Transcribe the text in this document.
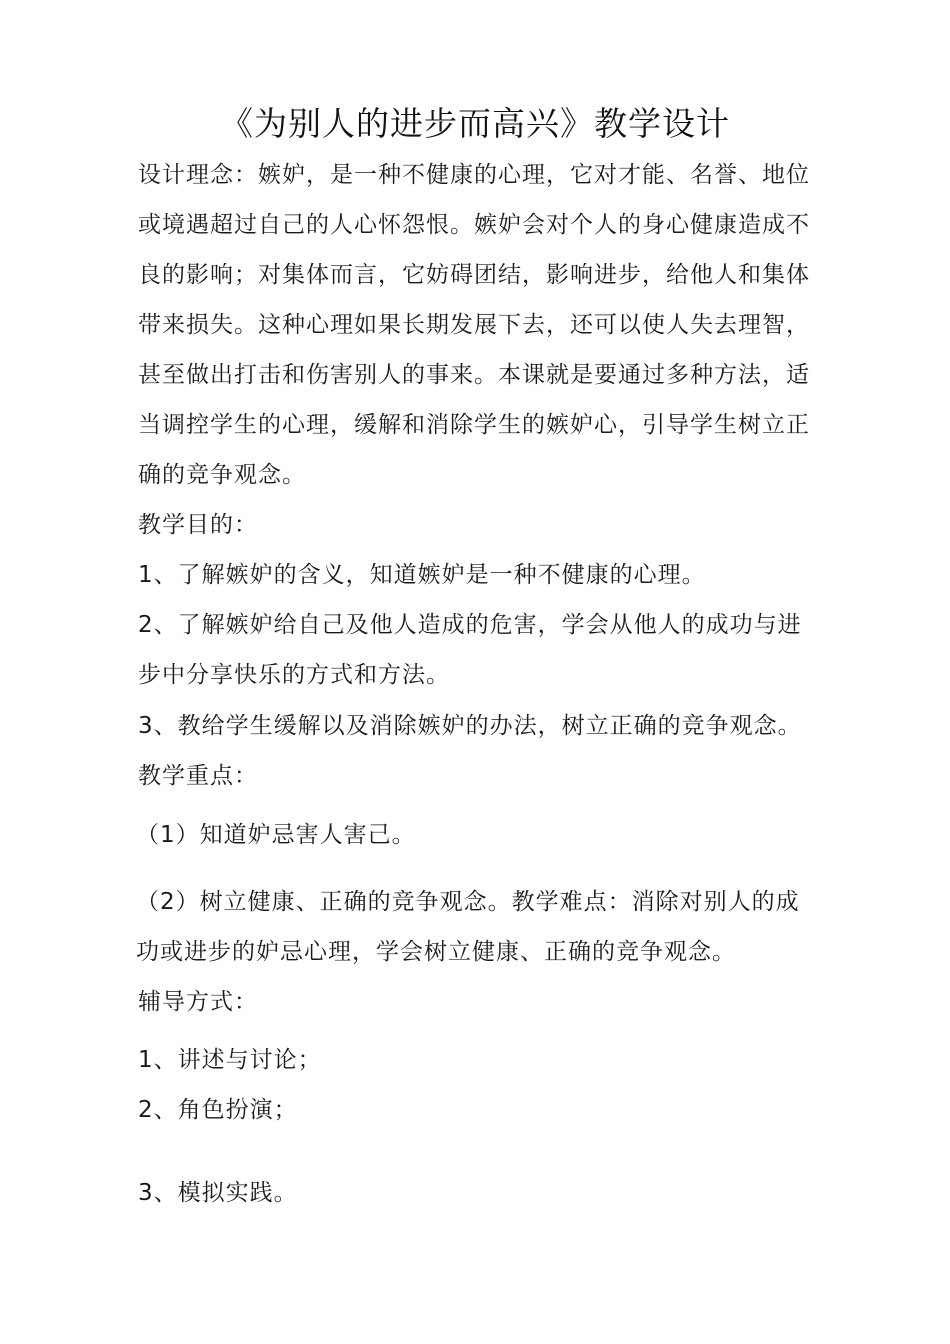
《为别人的进步而高兴》教学设计
设计理念：嫉妒，是一种不健康的心理，它对才能、名誉、地位或境遇超过自己的人心怀怨恨。嫉妒会对个人的身心健康造成不良的影响；对集体而言，它妨碍团结，影响进步，给他人和集体带来损失。这种心理如果长期发展下去，还可以使人失去理智，甚至做出打击和伤害别人的事来。本课就是要通过多种方法，适当调控学生的心理，缓解和消除学生的嫉妒心，引导学生树立正确的竞争观念。
教学目的：
1、了解嫉妒的含义，知道嫉妒是一种不健康的心理。
2、了解嫉妒给自己及他人造成的危害，学会从他人的成功与进步中分享快乐的方式和方法。
3、教给学生缓解以及消除嫉妒的办法，树立正确的竞争观念。
教学重点：
（1）知道妒忌害人害己。
（2）树立健康、正确的竞争观念。教学难点：消除对别人的成功或进步的妒忌心理，学会树立健康、正确的竞争观念。
辅导方式：
1、讲述与讨论；
2、角色扮演；
3、模拟实践。
